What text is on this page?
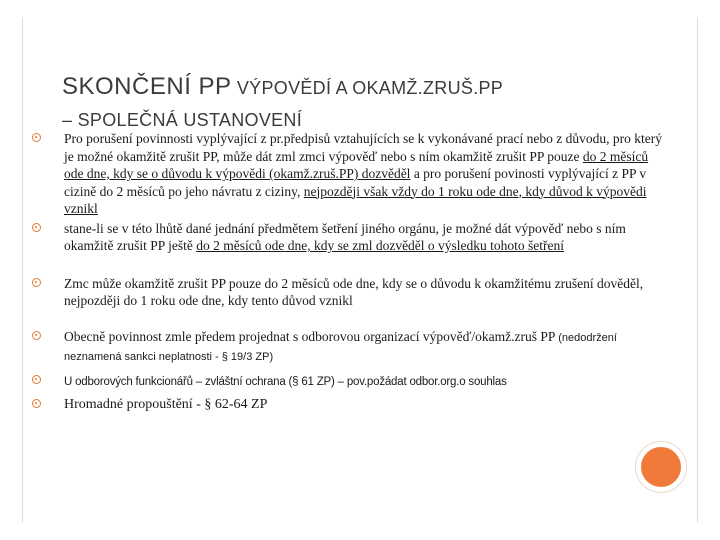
SKONČENÍ PP VÝPOVĚDÍ A OKAMŽ.ZRUŠ.PP
– SPOLEČNÁ USTANOVENÍ
Pro porušení povinnosti vyplývající z pr.předpisů vztahujících se k vykonávané prací nebo z důvodu, pro který je možné okamžitě zrušit PP, může dát zml zmci výpověď nebo s ním okamžitě zrušit PP pouze do 2 měsíců ode dne, kdy se o důvodu k výpovědi (okamž.zruš.PP) dozvěděl a pro porušení povinosti vyplývající z PP v cizině do 2 měsíců po jeho návratu z ciziny, nejpozději však vždy do 1 roku ode dne, kdy důvod k výpovědi vznikl
stane-li se v této lhůtě dané jednání předmětem šetření jiného orgánu, je možné dát výpověď nebo s ním okamžitě zrušit PP ještě do 2 měsíců ode dne, kdy se zml dozvěděl o výsledku tohoto šetření
Zmc může okamžitě zrušit PP pouze do 2 měsíců ode dne, kdy se o důvodu k okamžitému zrušení dověděl, nejpozději do 1 roku ode dne, kdy tento důvod vznikl
Obecně povinnost zmle předem projednat s odborovou organizací výpověď/okamž.zruš PP (nedodržení neznamená sankci neplatnosti - § 19/3 ZP)
U odborových funkcionářů – zvláštní ochrana (§ 61 ZP) – pov.požádat odbor.org.o souhlas
Hromadné propouštění - § 62-64 ZP
